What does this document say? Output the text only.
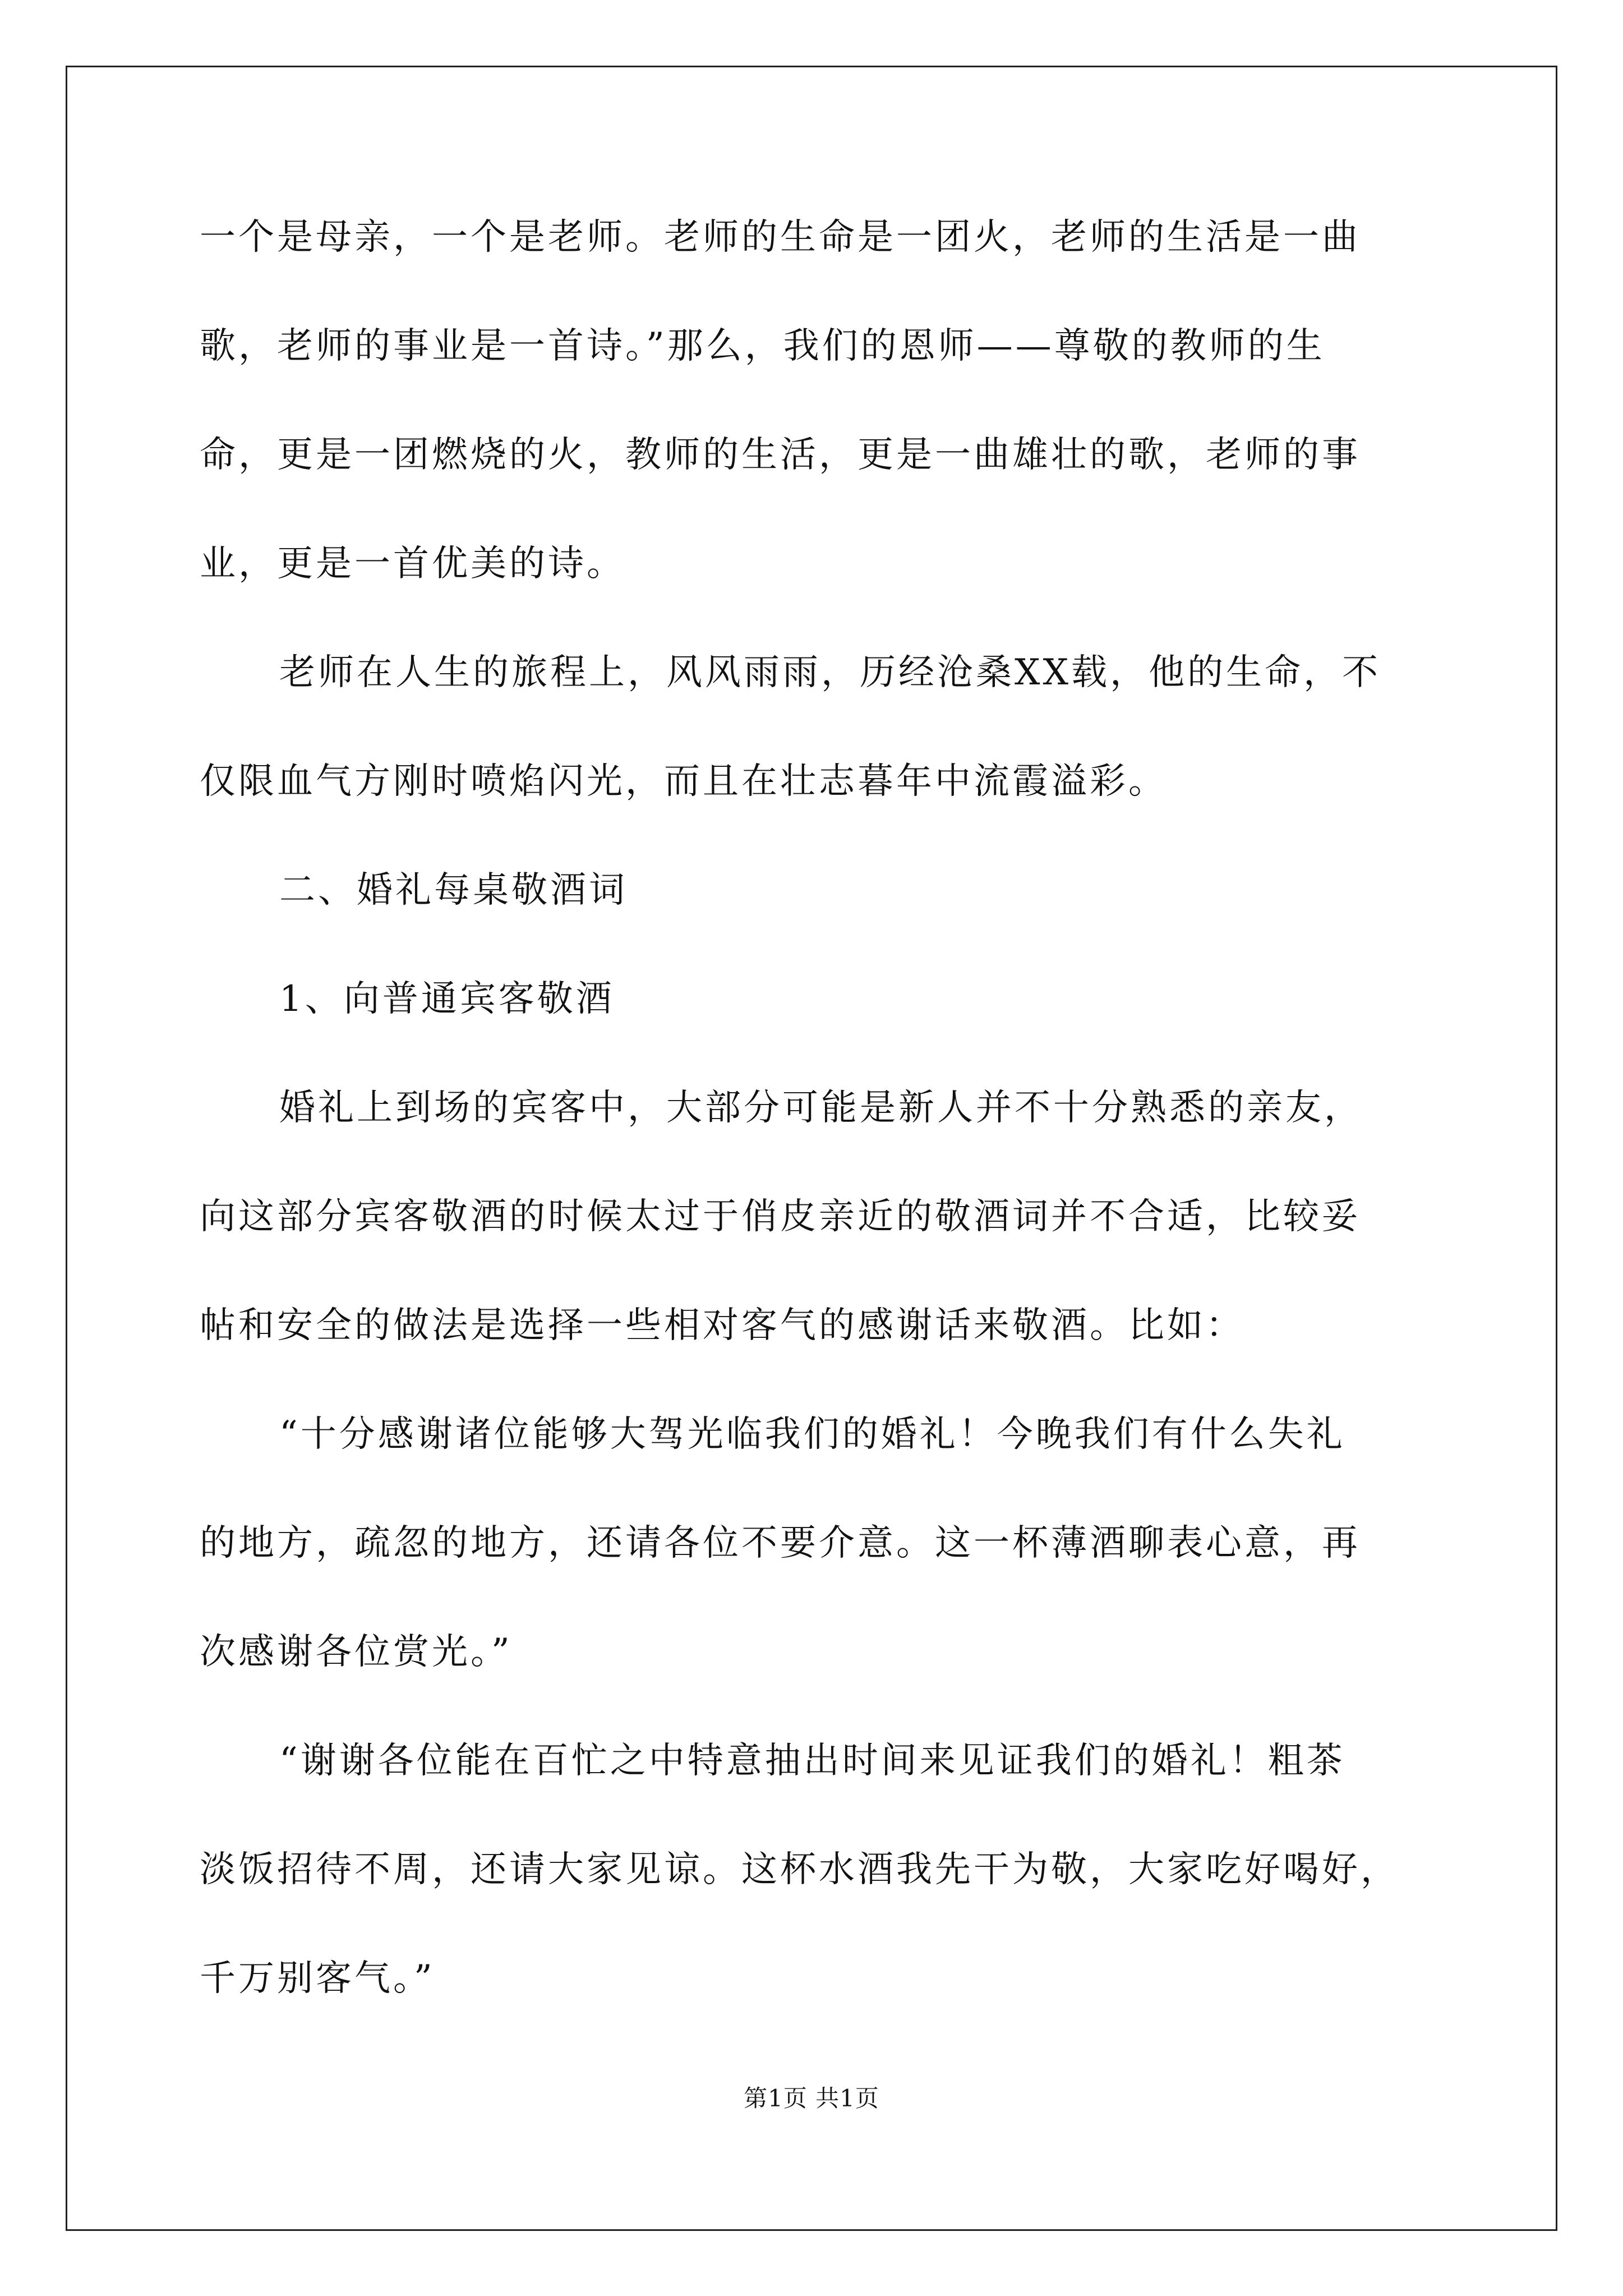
一个是母亲，一个是老师。老师的生命是一团火，老师的生活是一曲
歌，老师的事业是一首诗。”那么，我们的恩师——尊敬的教师的生
命，更是一团燃烧的火，教师的生活，更是一曲雄壮的歌，老师的事
业，更是一首优美的诗。
老师在人生的旅程上，风风雨雨，历经沧桑XX载，他的生命，不
仅限血气方刚时喷焰闪光，而且在壮志暮年中流霞溢彩。
二、婚礼每桌敬酒词
1、向普通宾客敬酒
婚礼上到场的宾客中，大部分可能是新人并不十分熟悉的亲友，
向这部分宾客敬酒的时候太过于俏皮亲近的敬酒词并不合适，比较妥
帖和安全的做法是选择一些相对客气的感谢话来敬酒。比如：
“十分感谢诸位能够大驾光临我们的婚礼！今晚我们有什么失礼
的地方，疏忽的地方，还请各位不要介意。这一杯薄酒聊表心意，再
次感谢各位赏光。”
“谢谢各位能在百忙之中特意抽出时间来见证我们的婚礼！粗茶
淡饭招待不周，还请大家见谅。这杯水酒我先干为敬，大家吃好喝好，
千万别客气。”
第1页 共1页
